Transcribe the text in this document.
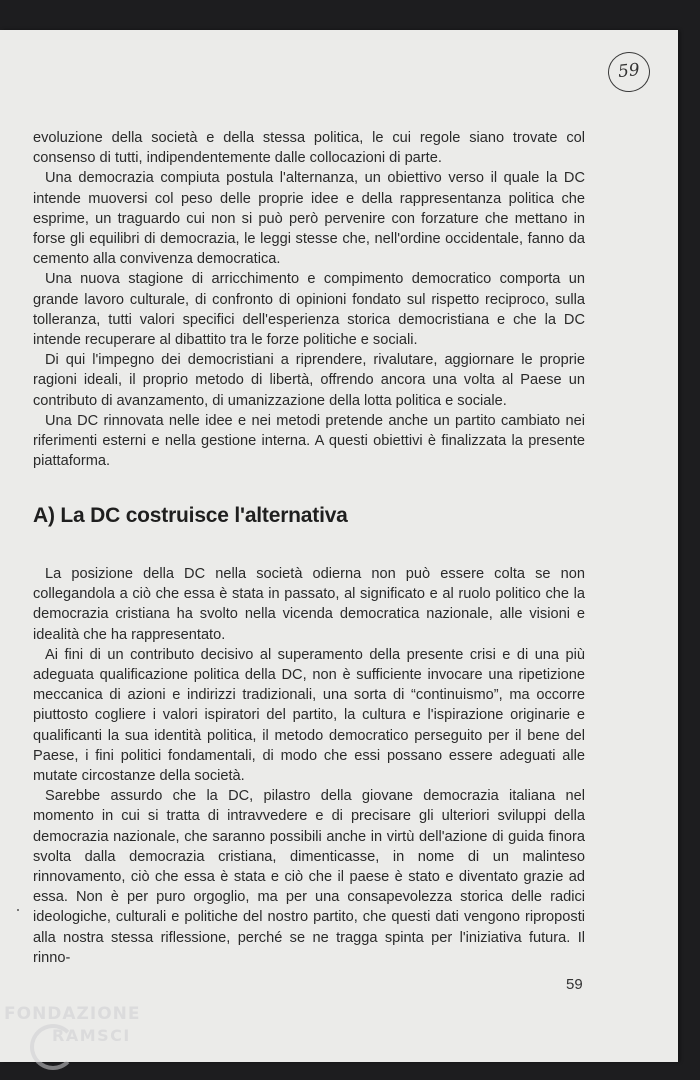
59

evoluzione della società e della stessa politica, le cui regole siano trovate col consenso di tutti, indipendentemente dalle collocazioni di parte.

Una democrazia compiuta postula l'alternanza, un obiettivo verso il quale la DC intende muoversi col peso delle proprie idee e della rappresentanza politica che esprime, un traguardo cui non si può però pervenire con forzature che mettano in forse gli equilibri di democrazia, le leggi stesse che, nell'ordine occidentale, fanno da cemento alla convivenza democratica.

Una nuova stagione di arricchimento e compimento democratico comporta un grande lavoro culturale, di confronto di opinioni fondato sul rispetto reciproco, sulla tolleranza, tutti valori specifici dell'esperienza storica democristiana e che la DC intende recuperare al dibattito tra le forze politiche e sociali.

Di qui l'impegno dei democristiani a riprendere, rivalutare, aggiornare le proprie ragioni ideali, il proprio metodo di libertà, offrendo ancora una volta al Paese un contributo di avanzamento, di umanizzazione della lotta politica e sociale.

Una DC rinnovata nelle idee e nei metodi pretende anche un partito cambiato nei riferimenti esterni e nella gestione interna. A questi obiettivi è finalizzata la presente piattaforma.

A) La DC costruisce l'alternativa

La posizione della DC nella società odierna non può essere colta se non collegandola a ciò che essa è stata in passato, al significato e al ruolo politico che la democrazia cristiana ha svolto nella vicenda democratica nazionale, alle visioni e idealità che ha rappresentato.

Ai fini di un contributo decisivo al superamento della presente crisi e di una più adeguata qualificazione politica della DC, non è sufficiente invocare una ripetizione meccanica di azioni e indirizzi tradizionali, una sorta di “continuismo”, ma occorre piuttosto cogliere i valori ispiratori del partito, la cultura e l'ispirazione originarie e qualificanti la sua identità politica, il metodo democratico perseguito per il bene del Paese, i fini politici fondamentali, di modo che essi possano essere adeguati alle mutate circostanze della società.

Sarebbe assurdo che la DC, pilastro della giovane democrazia italiana nel momento in cui si tratta di intravvedere e di precisare gli ulteriori sviluppi della democrazia nazionale, che saranno possibili anche in virtù dell'azione di guida finora svolta dalla democrazia cristiana, dimenticasse, in nome di un malinteso rinnovamento, ciò che essa è stata e ciò che il paese è stato e diventato grazie ad essa. Non è per puro orgoglio, ma per una consapevolezza storica delle radici ideologiche, culturali e politiche del nostro partito, che questi dati vengono riproposti alla nostra stessa riflessione, perché se ne tragga spinta per l'iniziativa futura. Il rinno-

59
FONDAZIONE
RAMSCI
